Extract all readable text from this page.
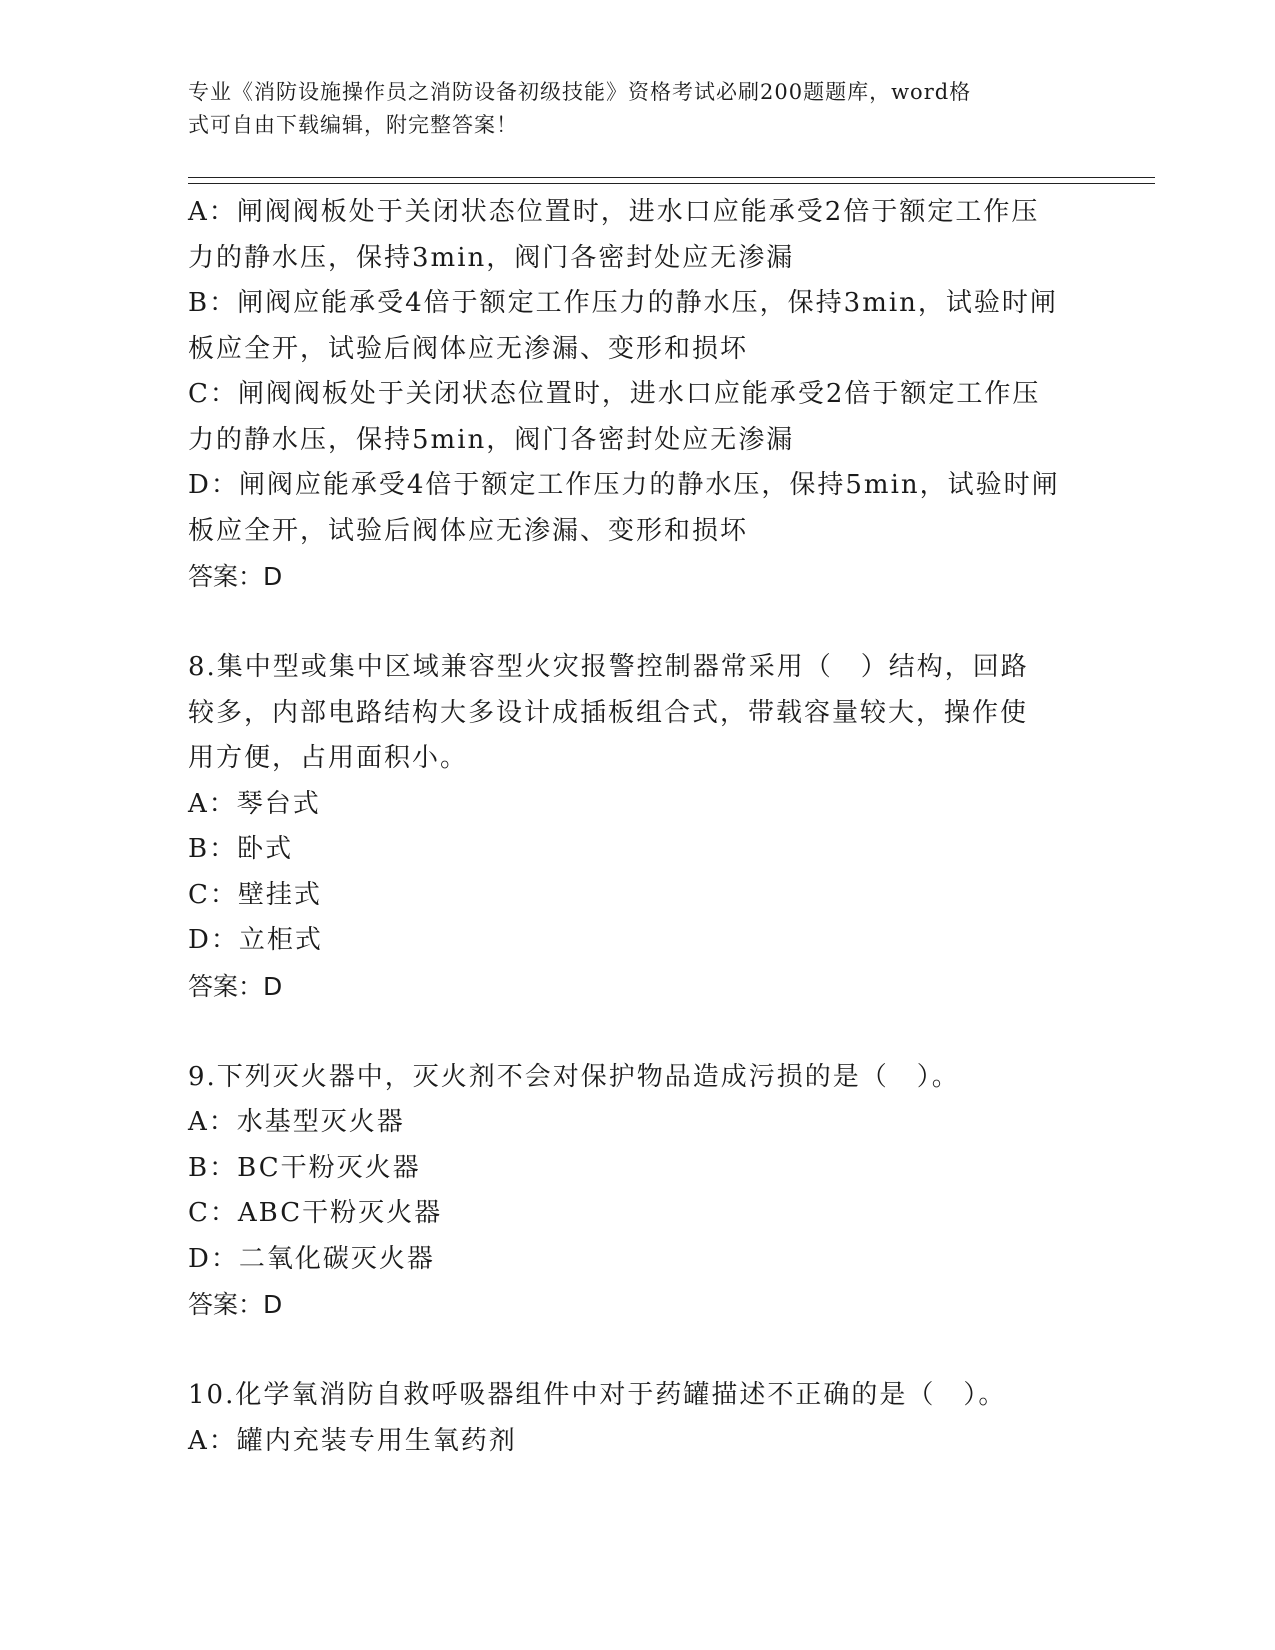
专业《消防设施操作员之消防设备初级技能》资格考试必刷200题题库，word格
式可自由下载编辑，附完整答案！
A：闸阀阀板处于关闭状态位置时，进水口应能承受2倍于额定工作压
力的静水压，保持3min，阀门各密封处应无渗漏
B：闸阀应能承受4倍于额定工作压力的静水压，保持3min，试验时闸
板应全开，试验后阀体应无渗漏、变形和损坏
C：闸阀阀板处于关闭状态位置时，进水口应能承受2倍于额定工作压
力的静水压，保持5min，阀门各密封处应无渗漏
D：闸阀应能承受4倍于额定工作压力的静水压，保持5min，试验时闸
板应全开，试验后阀体应无渗漏、变形和损坏
答案：D
8.集中型或集中区域兼容型火灾报警控制器常采用（　）结构，回路
较多，内部电路结构大多设计成插板组合式，带载容量较大，操作使
用方便，占用面积小。
A：琴台式
B：卧式
C：壁挂式
D：立柜式
答案：D
9.下列灭火器中，灭火剂不会对保护物品造成污损的是（　）。
A：水基型灭火器
B：BC干粉灭火器
C：ABC干粉灭火器
D：二氧化碳灭火器
答案：D
10.化学氧消防自救呼吸器组件中对于药罐描述不正确的是（　）。
A：罐内充装专用生氧药剂
